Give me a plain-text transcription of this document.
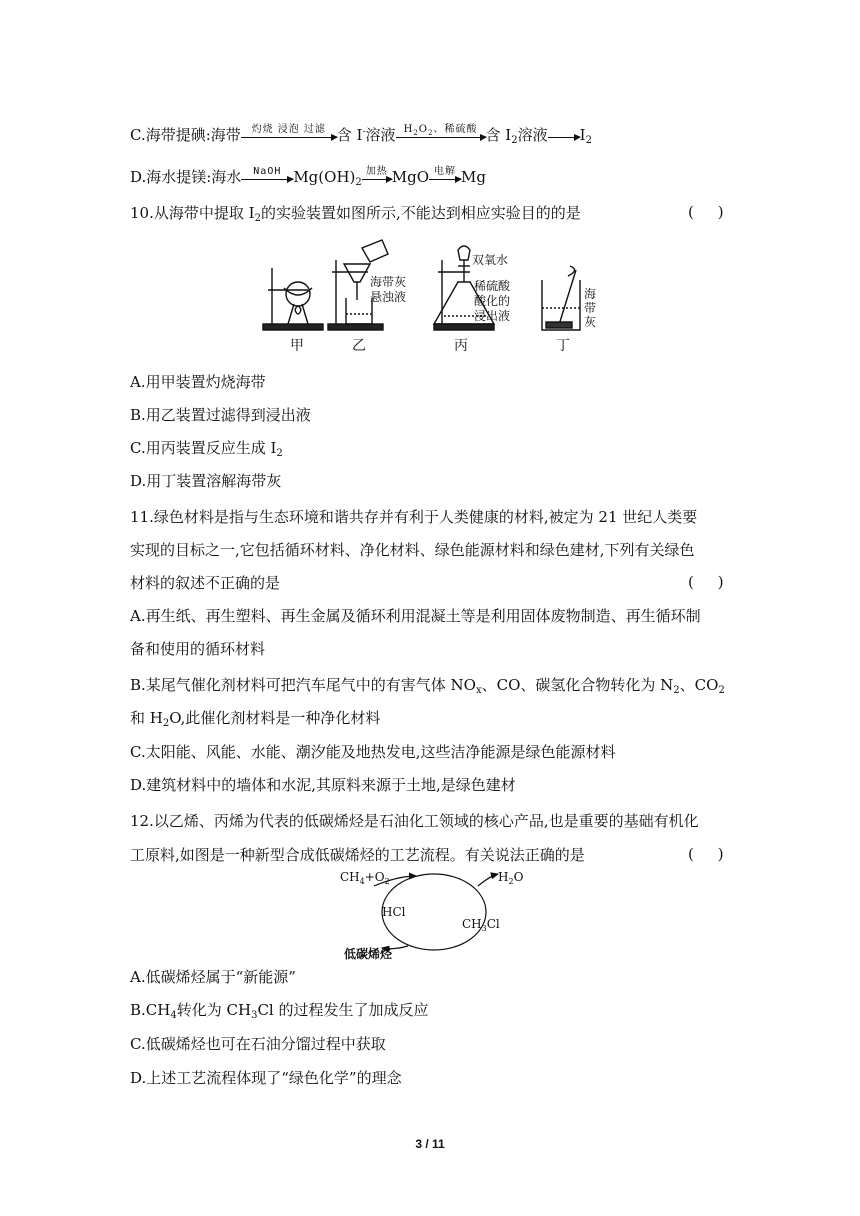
C.海带提碘:海带	灼烧 浸泡 过滤 含 I-溶液 $H_2O_2$、稀硫酸 含 $I_2$溶液 $I_2$
D.海水提镁:海水	NaOH $Mg(OH)_2$
加热 MgO 电解 Mg
10.从海带中提取 $I_2$的实验装置如图所示,不能达到相应实验目的的是	(     )
海带灰
悬浊液
双氧水
稀硫酸
酸化的
浸出液
海
带
灰
甲	乙	丙	丁
A.用甲装置灼烧海带
B.用乙装置过滤得到浸出液
C.用丙装置反应生成 $I_2$
D.用丁装置溶解海带灰
11.绿色材料是指与生态环境和谐共存并有利于人类健康的材料,被定为 21 世纪人类要
实现的目标之一,它包括循环材料、净化材料、绿色能源材料和绿色建材,下列有关绿色
材料的叙述不正确的是	(     )
A.再生纸、再生塑料、再生金属及循环利用混凝土等是利用固体废物制造、再生循环制
备和使用的循环材料
B.某尾气催化剂材料可把汽车尾气中的有害气体 $NO_x$、CO、碳氢化合物转化为 $N_2$、$CO_2$
和 $H_2O$,此催化剂材料是一种净化材料
C.太阳能、风能、水能、潮汐能及地热发电,这些洁净能源是绿色能源材料
D.建筑材料中的墙体和水泥,其原料来源于土地,是绿色建材
12.以乙烯、丙烯为代表的低碳烯烃是石油化工领域的核心产品,也是重要的基础有机化
工原料,如图是一种新型合成低碳烯烃的工艺流程。有关说法正确的是	(     )
$CH_4+O_2$	$H_2O$
HCl
$CH_3Cl$
低碳烯烃
A.低碳烯烃属于“新能源”
$B.CH_4$转化为 $CH_3Cl$ 的过程发生了加成反应
C.低碳烯烃也可在石油分馏过程中获取
D.上述工艺流程体现了“绿色化学”的理念
3 / 11
